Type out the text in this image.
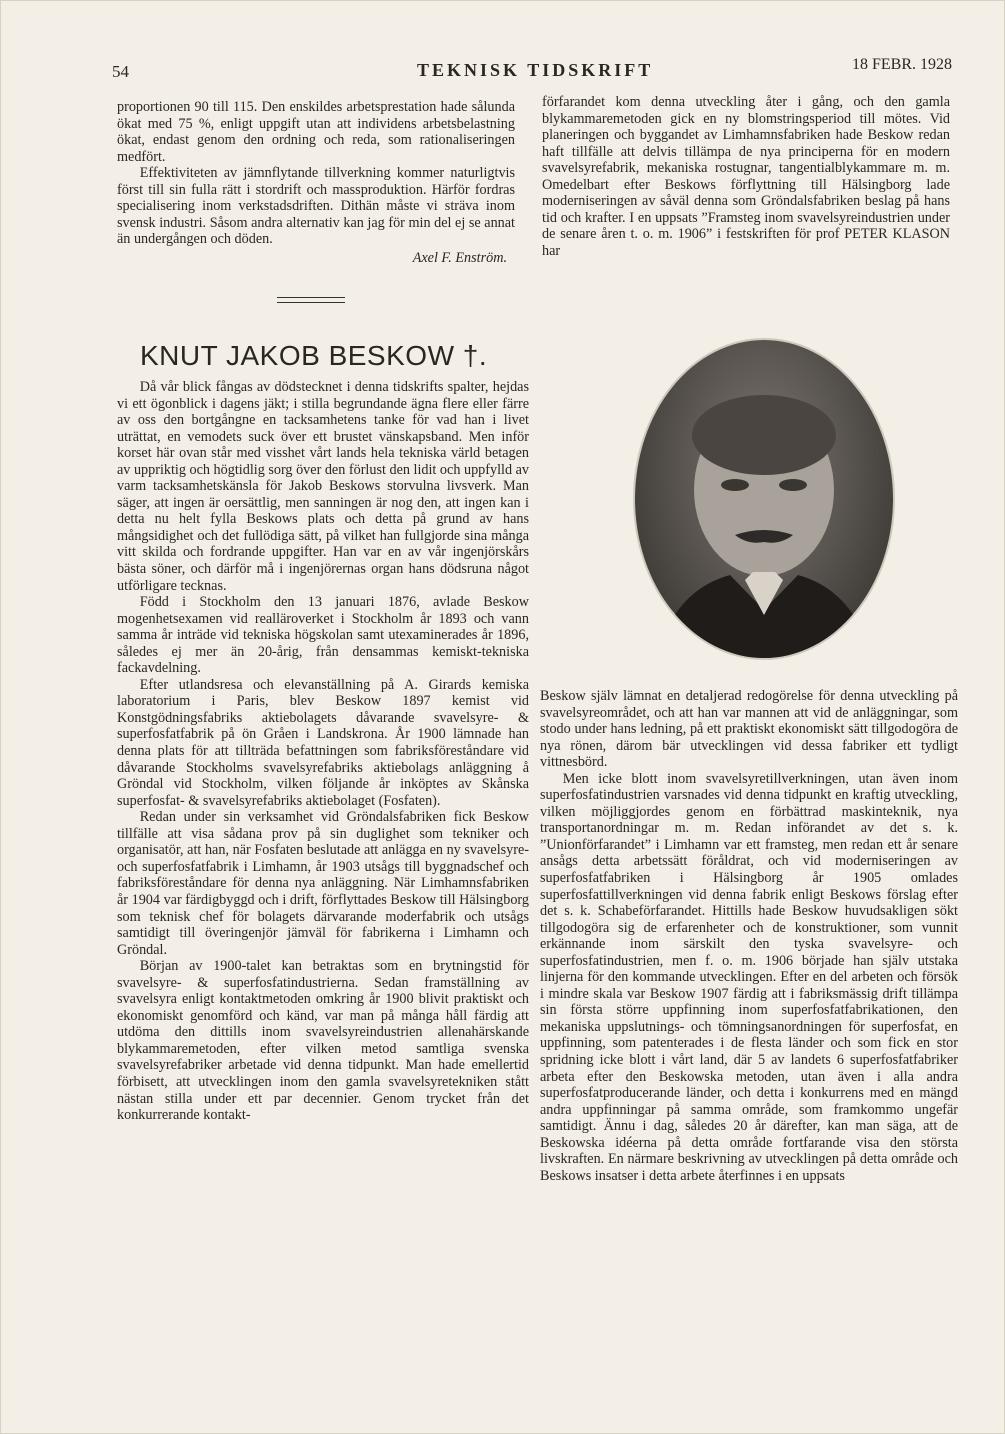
54	TEKNISK TIDSKRIFT	18 FEBR. 1928

proportionen 90 till 115. Den enskildes arbetsprestation hade sålunda ökat med 75 %, enligt uppgift utan att individens arbetsbelastning ökat, endast genom den ordning och reda, som rationaliseringen medfört.

Effektiviteten av jämnflytande tillverkning kommer naturligtvis först till sin fulla rätt i stordrift och massproduktion. Härför fordras specialisering inom verkstadsdriften. Dithän måste vi sträva inom svensk industri. Såsom andra alternativ kan jag för min del ej se annat än undergången och döden.

Axel F. Enström.

förfarandet kom denna utveckling åter i gång, och den gamla blykammaremetoden gick en ny blomstringsperiod till mötes. Vid planeringen och byggandet av Limhamnsfabriken hade Beskow redan haft tillfälle att delvis tillämpa de nya principerna för en modern svavelsyrefabrik, mekaniska rostugnar, tangentialblykammare m. m. Omedelbart efter Beskows förflyttning till Hälsingborg lade moderniseringen av såväl denna som Gröndalsfabriken beslag på hans tid och krafter. I en uppsats ”Framsteg inom svavelsyreindustrien under de senare åren t. o. m. 1906” i festskriften för prof PETER KLASON har

KNUT JAKOB BESKOW †.

Då vår blick fångas av dödstecknet i denna tidskrifts spalter, hejdas vi ett ögonblick i dagens jäkt; i stilla begrundande ägna flere eller färre av oss den bortgångne en tacksamhetens tanke för vad han i livet uträttat, en vemodets suck över ett brustet vänskapsband. Men inför korset här ovan står med visshet vårt lands hela tekniska värld betagen av uppriktig och högtidlig sorg över den förlust den lidit och uppfylld av varm tacksamhetskänsla för Jakob Beskows storvulna livsverk. Man säger, att ingen är oersättlig, men sanningen är nog den, att ingen kan i detta nu helt fylla Beskows plats och detta på grund av hans mångsidighet och det fullödiga sätt, på vilket han fullgjorde sina många vitt skilda och fordrande uppgifter. Han var en av vår ingenjörskårs bästa söner, och därför må i ingenjörernas organ hans dödsruna något utförligare tecknas.

Född i Stockholm den 13 januari 1876, avlade Beskow mogenhetsexamen vid realläroverket i Stockholm år 1893 och vann samma år inträde vid tekniska högskolan samt utexaminerades år 1896, således ej mer än 20-årig, från densammas kemiskt-tekniska fackavdelning.

Efter utlandsresa och elevanställning på A. Girards kemiska laboratorium i Paris, blev Beskow 1897 kemist vid Konstgödningsfabriks aktiebolagets dåvarande svavelsyre- & superfosfatfabrik på ön Gråen i Landskrona. År 1900 lämnade han denna plats för att tillträda befattningen som fabriksföreståndare vid dåvarande Stockholms svavelsyrefabriks aktiebolags anläggning å Gröndal vid Stockholm, vilken följande år inköptes av Skånska superfosfat- & svavelsyrefabriks aktiebolaget (Fosfaten).

Redan under sin verksamhet vid Gröndalsfabriken fick Beskow tillfälle att visa sådana prov på sin duglighet som tekniker och organisatör, att han, när Fosfaten beslutade att anlägga en ny svavelsyre- och superfosfatfabrik i Limhamn, år 1903 utsågs till byggnadschef och fabriksföreståndare för denna nya anläggning. När Limhamnsfabriken år 1904 var färdigbyggd och i drift, förflyttades Beskow till Hälsingborg som teknisk chef för bolagets därvarande moderfabrik och utsågs samtidigt till överingenjör jämväl för fabrikerna i Limhamn och Gröndal.

Början av 1900-talet kan betraktas som en brytningstid för svavelsyre- & superfosfatindustrierna. Sedan framställning av svavelsyra enligt kontaktmetoden omkring år 1900 blivit praktiskt och ekonomiskt genomförd och känd, var man på många håll färdig att utdöma den dittills inom svavelsyreindustrien allenahärskande blykammaremetoden, efter vilken metod samtliga svenska svavelsyrefabriker arbetade vid denna tidpunkt. Man hade emellertid förbisett, att utvecklingen inom den gamla svavelsyretekniken stått nästan stilla under ett par decennier. Genom trycket från det konkurrerande kontakt-

Beskow själv lämnat en detaljerad redogörelse för denna utveckling på svavelsyreområdet, och att han var mannen att vid de anläggningar, som stodo under hans ledning, på ett praktiskt ekonomiskt sätt tillgodogöra de nya rönen, därom bär utvecklingen vid dessa fabriker ett tydligt vittnesbörd.

Men icke blott inom svavelsyretillverkningen, utan även inom superfosfatindustrien varsnades vid denna tidpunkt en kraftig utveckling, vilken möjliggjordes genom en förbättrad maskinteknik, nya transportanordningar m. m. Redan införandet av det s. k. ”Unionförfarandet” i Limhamn var ett framsteg, men redan ett år senare ansågs detta arbetssätt föråldrat, och vid moderniseringen av superfosfatfabriken i Hälsingborg år 1905 omlades superfosfattillverkningen vid denna fabrik enligt Beskows förslag efter det s. k. Schabeförfarandet. Hittills hade Beskow huvudsakligen sökt tillgodogöra sig de erfarenheter och de konstruktioner, som vunnit erkännande inom särskilt den tyska svavelsyre- och superfosfatindustrien, men f. o. m. 1906 började han själv utstaka linjerna för den kommande utvecklingen. Efter en del arbeten och försök i mindre skala var Beskow 1907 färdig att i fabriksmässig drift tillämpa sin första större uppfinning inom superfosfatfabrikationen, den mekaniska uppslutnings- och tömningsanordningen för superfosfat, en uppfinning, som patenterades i de flesta länder och som fick en stor spridning icke blott i vårt land, där 5 av landets 6 superfosfatfabriker arbeta efter den Beskowska metoden, utan även i alla andra superfosfatproducerande länder, och detta i konkurrens med en mängd andra uppfinningar på samma område, som framkommo ungefär samtidigt. Ännu i dag, således 20 år därefter, kan man säga, att de Beskowska idéerna på detta område fortfarande visa den största livskraften. En närmare beskrivning av utvecklingen på detta område och Beskows insatser i detta arbete återfinnes i en uppsats
